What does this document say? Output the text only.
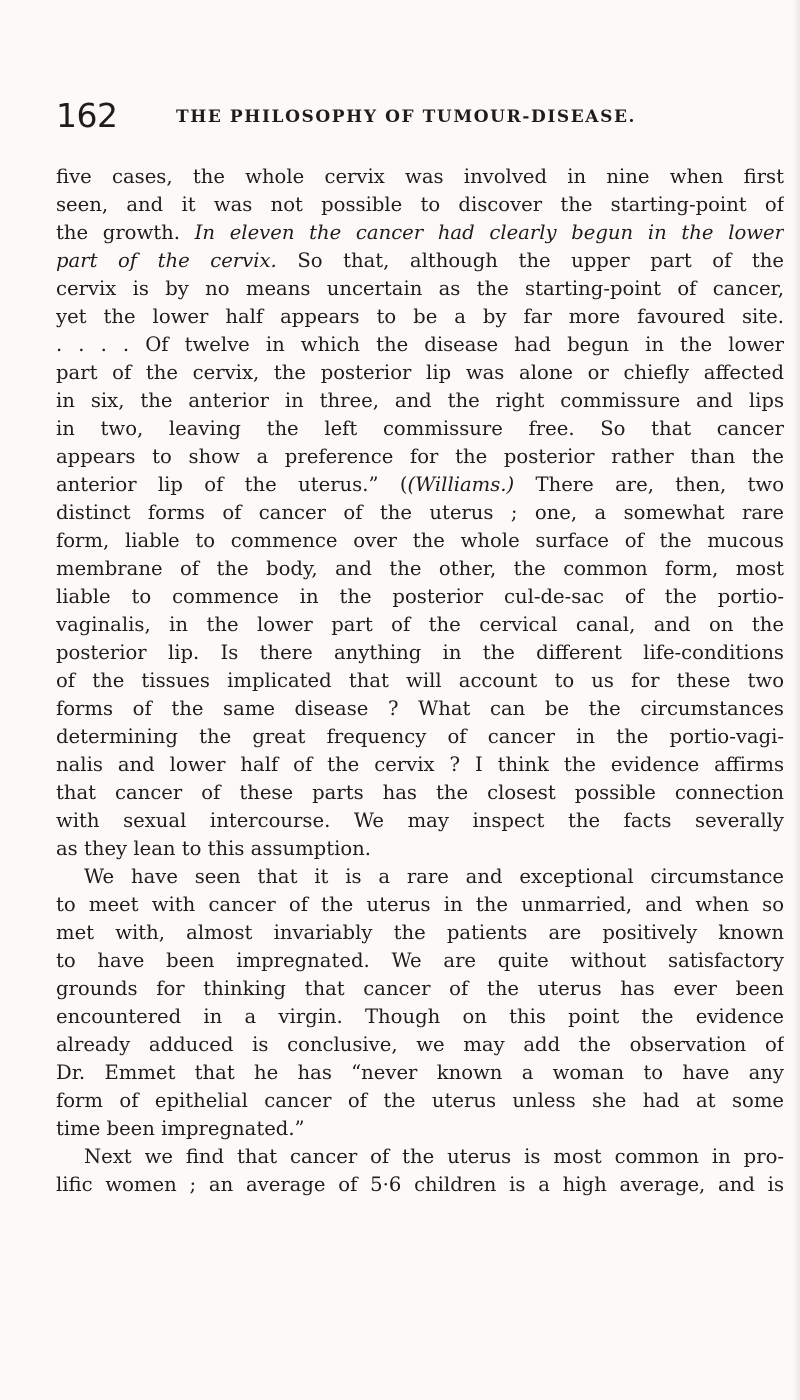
162	THE PHILOSOPHY OF TUMOUR-DISEASE.
five cases, the whole cervix was involved in nine when first
seen, and it was not possible to discover the starting-point of
the growth. In eleven the cancer had clearly begun in the lower
part of the cervix. So that, although the upper part of the
cervix is by no means uncertain as the starting-point of cancer,
yet the lower half appears to be a by far more favoured site.
. . . . Of twelve in which the disease had begun in the lower
part of the cervix, the posterior lip was alone or chiefly affected
in six, the anterior in three, and the right commissure and lips
in two, leaving the left commissure free. So that cancer
appears to show a preference for the posterior rather than the
anterior lip of the uterus.” ((Williams.) There are, then, two
distinct forms of cancer of the uterus ; one, a somewhat rare
form, liable to commence over the whole surface of the mucous
membrane of the body, and the other, the common form, most
liable to commence in the posterior cul-de-sac of the portio-
vaginalis, in the lower part of the cervical canal, and on the
posterior lip. Is there anything in the different life-conditions
of the tissues implicated that will account to us for these two
forms of the same disease ? What can be the circumstances
determining the great frequency of cancer in the portio-vagi-
nalis and lower half of the cervix ? I think the evidence affirms
that cancer of these parts has the closest possible connection
with sexual intercourse. We may inspect the facts severally
as they lean to this assumption.
We have seen that it is a rare and exceptional circumstance
to meet with cancer of the uterus in the unmarried, and when so
met with, almost invariably the patients are positively known
to have been impregnated. We are quite without satisfactory
grounds for thinking that cancer of the uterus has ever been
encountered in a virgin. Though on this point the evidence
already adduced is conclusive, we may add the observation of
Dr. Emmet that he has “never known a woman to have any
form of epithelial cancer of the uterus unless she had at some
time been impregnated.”
Next we find that cancer of the uterus is most common in pro-
lific women ; an average of 5·6 children is a high average, and is
